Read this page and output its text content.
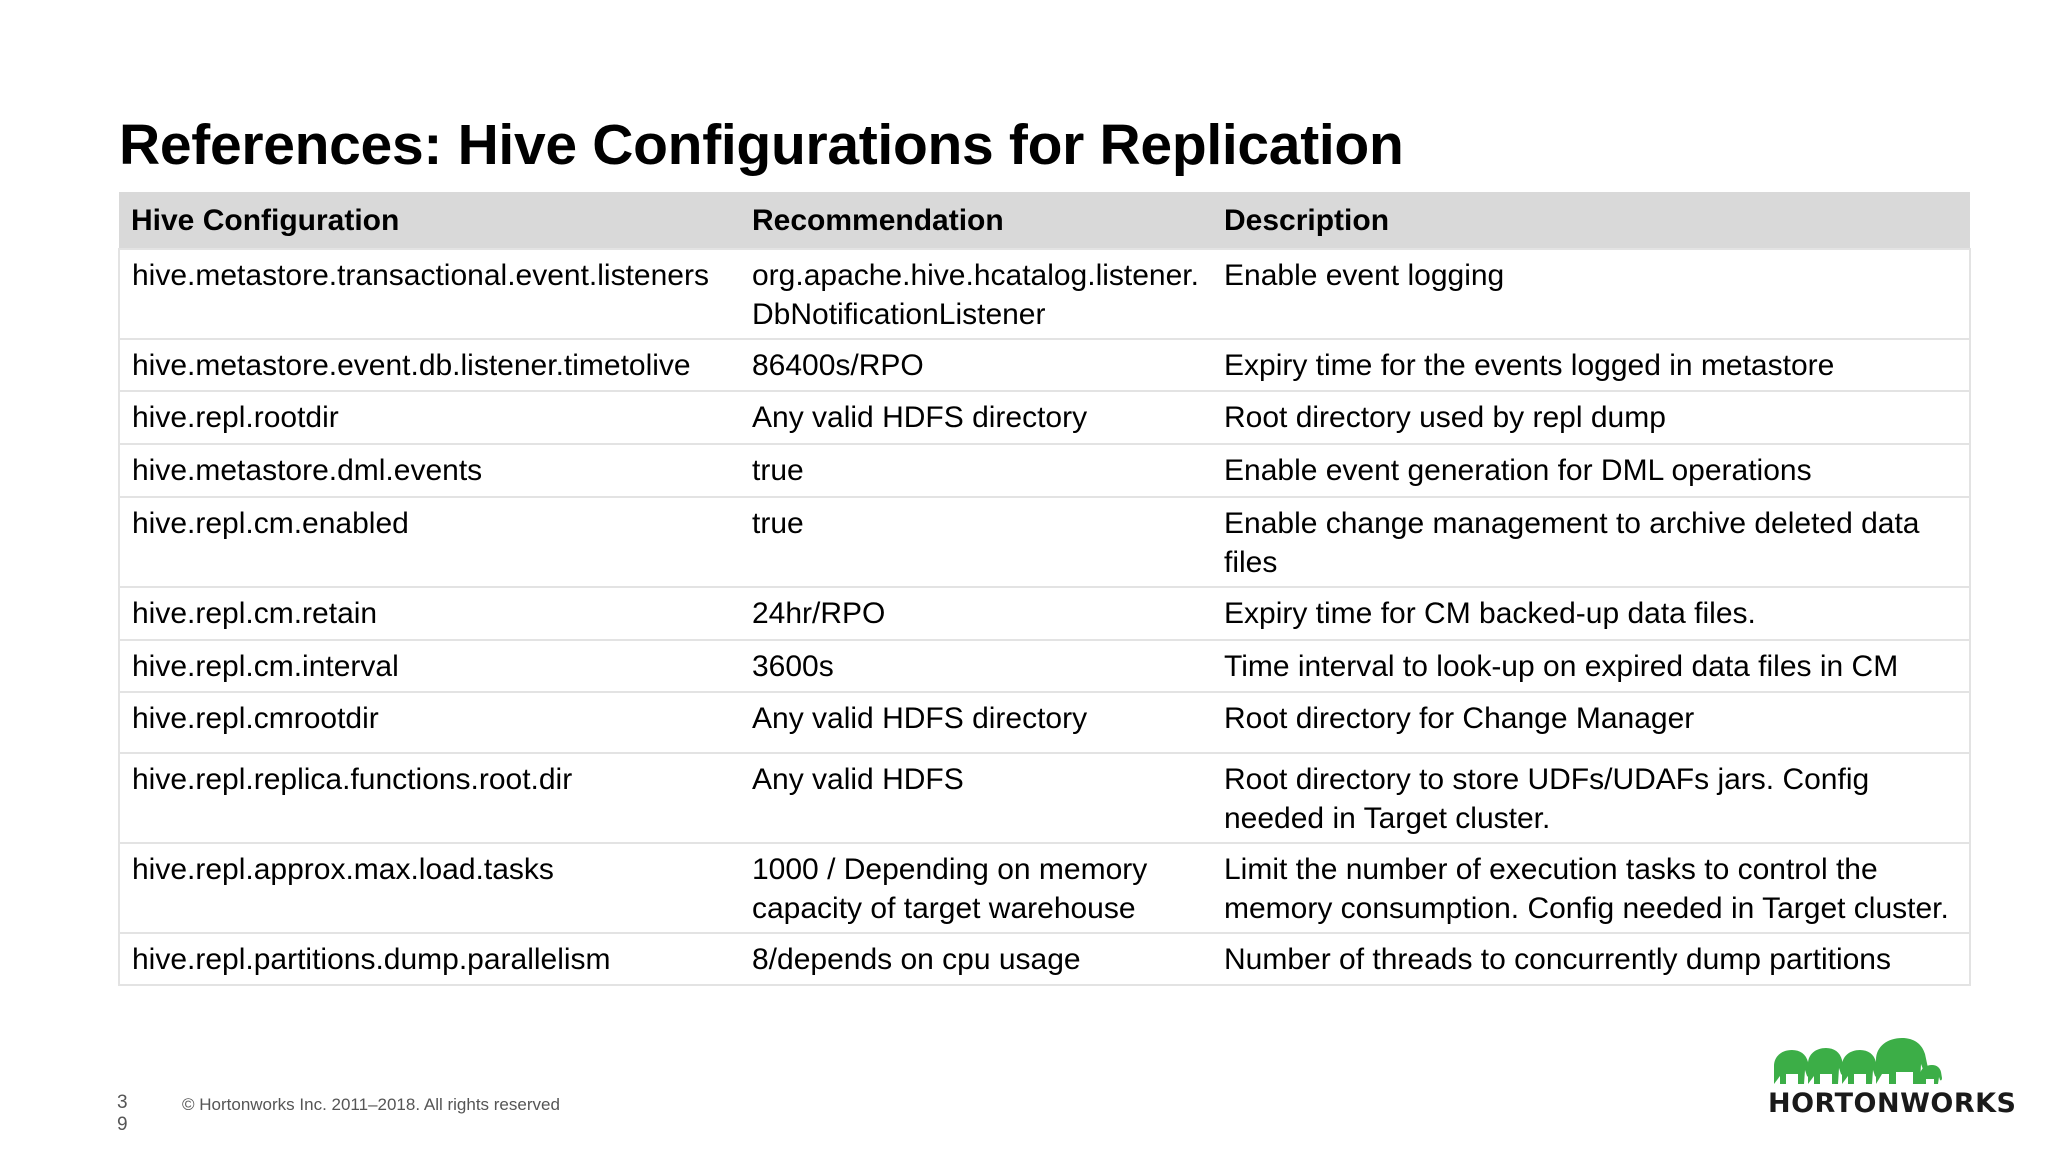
References: Hive Configurations for Replication
Hive Configuration	Recommendation	Description
hive.metastore.transactional.event.listeners	org.apache.hive.hcatalog.listener. DbNotificationListener	Enable event logging
hive.metastore.event.db.listener.timetolive	86400s/RPO	Expiry time for the events logged in metastore
hive.repl.rootdir	Any valid HDFS directory	Root directory used by repl dump
hive.metastore.dml.events	true	Enable event generation for DML operations
hive.repl.cm.enabled	true	Enable change management to archive deleted data files
hive.repl.cm.retain	24hr/RPO	Expiry time for CM backed-up data files.
hive.repl.cm.interval	3600s	Time interval to look-up on expired data files in CM
hive.repl.cmrootdir	Any valid HDFS directory	Root directory for Change Manager
hive.repl.replica.functions.root.dir	Any valid HDFS	Root directory to store UDFs/UDAFs jars. Config needed in Target cluster.
hive.repl.approx.max.load.tasks	1000 / Depending on memory capacity of target warehouse	Limit the number of execution tasks to control the memory consumption. Config needed in Target cluster.
hive.repl.partitions.dump.parallelism	8/depends on cpu usage	Number of threads to concurrently dump partitions
39
© Hortonworks Inc. 2011–2018. All rights reserved	HORTONWORKS
